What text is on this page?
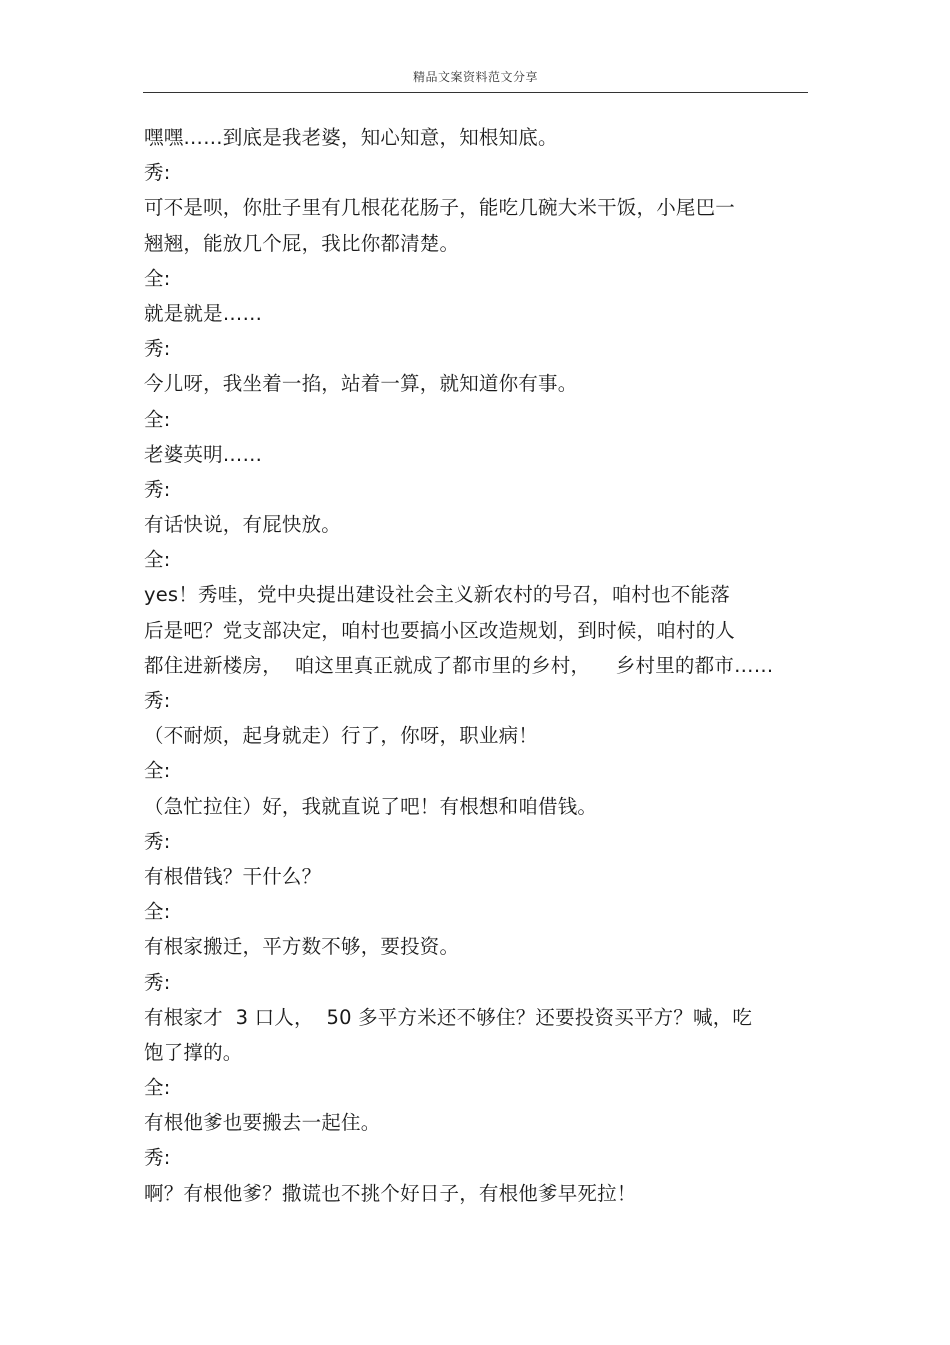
精品文案资料范文分享
嘿嘿……到底是我老婆，知心知意，知根知底。
秀:
可不是呗，你肚子里有几根花花肠子，能吃几碗大米干饭，小尾巴一
翘翘，能放几个屁，我比你都清楚。
全:
就是就是……
秀:
今儿呀，我坐着一掐，站着一算，就知道你有事。
全:
老婆英明……
秀:
有话快说，有屁快放。
全:
yes！秀哇，党中央提出建设社会主义新农村的号召，咱村也不能落
后是吧？党支部决定，咱村也要搞小区改造规划，到时候，咱村的人
都住进新楼房，  咱这里真正就成了都市里的乡村，    乡村里的都市……
秀:
（不耐烦，起身就走）行了，你呀，职业病！
全:
（急忙拉住）好，我就直说了吧！有根想和咱借钱。
秀:
有根借钱？干什么？
全:
有根家搬迁，平方数不够，要投资。
秀:
有根家才  3 口人，  50 多平方米还不够住？还要投资买平方？喊，吃
饱了撑的。
全:
有根他爹也要搬去一起住。
秀:
啊？有根他爹？撒谎也不挑个好日子，有根他爹早死拉！
